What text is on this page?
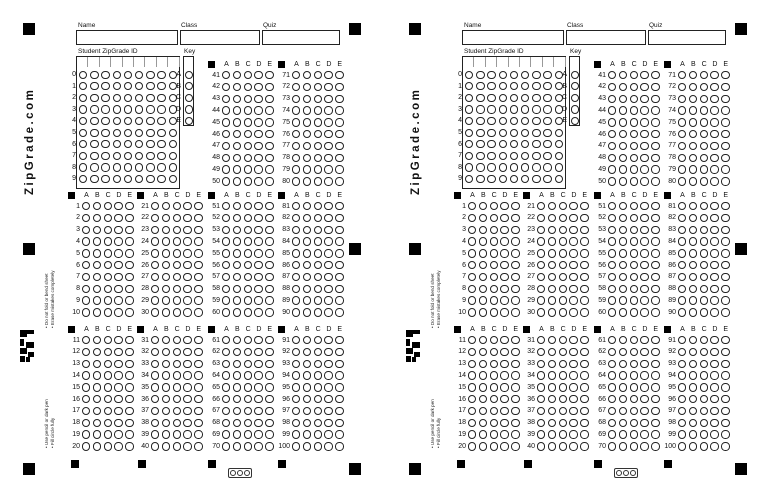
ZipGrade.com
• Do not fold or bend sheet
• Erase mistakes completely
• Use pencil or dark pen
• Fill circle fully
Name	Class	Quiz
Student ZipGrade ID
0
1
2
3
4
5
6
7
8
9
Key
A
B
C
D
E
A B C D E
41
42
43
44
45
46
47
48
49
50
A B C D E
71
72
73
74
75
76
77
78
79
80
A B C D E
1
2
3
4
5
6
7
8
9
10
A B C D E
21
22
23
24
25
26
27
28
29
30
A B C D E
51
52
53
54
55
56
57
58
59
60
A B C D E
81
82
83
84
85
86
87
88
89
90
A B C D E
11
12
13
14
15
16
17
18
19
20
A B C D E
31
32
33
34
35
36
37
38
39
40
A B C D E
61
62
63
64
65
66
67
68
69
70
A B C D E
91
92
93
94
95
96
97
98
99
100
ZipGrade.com
• Do not fold or bend sheet
• Erase mistakes completely
• Use pencil or dark pen
• Fill circle fully
Name	Class	Quiz
Student ZipGrade ID
0
1
2
3
4
5
6
7
8
9
Key
A
B
C
D
E
A B C D E
41
42
43
44
45
46
47
48
49
50
A B C D E
71
72
73
74
75
76
77
78
79
80
A B C D E
1
2
3
4
5
6
7
8
9
10
A B C D E
21
22
23
24
25
26
27
28
29
30
A B C D E
51
52
53
54
55
56
57
58
59
60
A B C D E
81
82
83
84
85
86
87
88
89
90
A B C D E
11
12
13
14
15
16
17
18
19
20
A B C D E
31
32
33
34
35
36
37
38
39
40
A B C D E
61
62
63
64
65
66
67
68
69
70
A B C D E
91
92
93
94
95
96
97
98
99
100
